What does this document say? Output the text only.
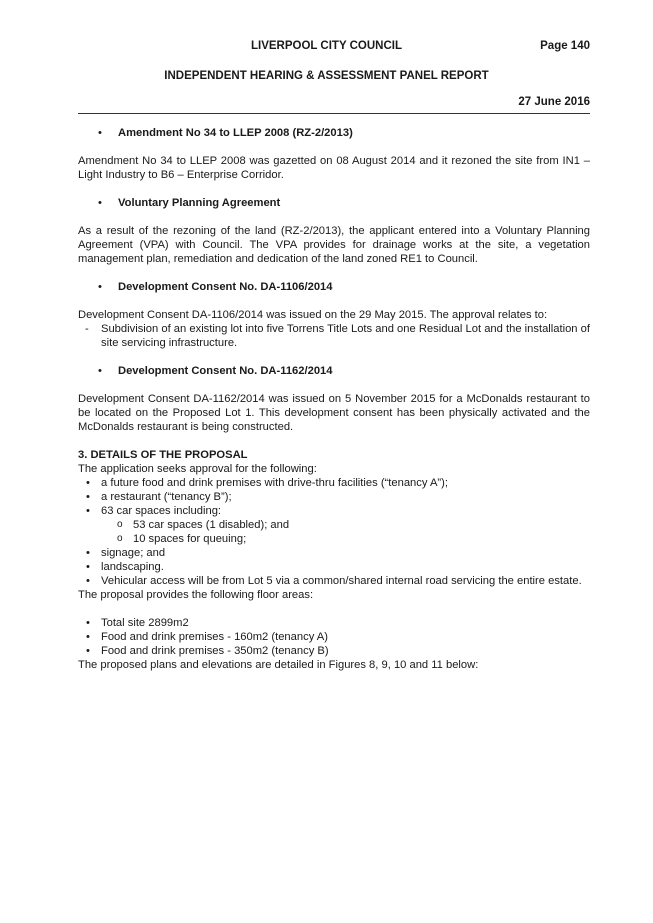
LIVERPOOL CITY COUNCIL	Page 140
INDEPENDENT HEARING & ASSESSMENT PANEL REPORT
27 June 2016
• Amendment No 34 to LLEP 2008 (RZ-2/2013)

Amendment No 34 to LLEP 2008 was gazetted on 08 August 2014 and it rezoned the site from IN1 – Light Industry to B6 – Enterprise Corridor.

• Voluntary Planning Agreement

As a result of the rezoning of the land (RZ-2/2013), the applicant entered into a Voluntary Planning Agreement (VPA) with Council. The VPA provides for drainage works at the site, a vegetation management plan, remediation and dedication of the land zoned RE1 to Council.

• Development Consent No. DA-1106/2014

Development Consent DA-1106/2014 was issued on the 29 May 2015. The approval relates to:

- Subdivision of an existing lot into five Torrens Title Lots and one Residual Lot and the installation of site servicing infrastructure.
• Development Consent No. DA-1162/2014

Development Consent DA-1162/2014 was issued on 5 November 2015 for a McDonalds restaurant to be located on the Proposed Lot 1. This development consent has been physically activated and the McDonalds restaurant is being constructed.

3. DETAILS OF THE PROPOSAL

The application seeks approval for the following:

• a future food and drink premises with drive-thru facilities (“tenancy A”);
• a restaurant (“tenancy B”);
• 63 car spaces including:
o 53 car spaces (1 disabled); and
o 10 spaces for queuing;
• signage; and
• landscaping.
• Vehicular access will be from Lot 5 via a common/shared internal road servicing the entire estate.

The proposal provides the following floor areas:

• Total site 2899m2
• Food and drink premises - 160m2 (tenancy A)
• Food and drink premises - 350m2 (tenancy B)

The proposed plans and elevations are detailed in Figures 8, 9, 10 and 11 below:
